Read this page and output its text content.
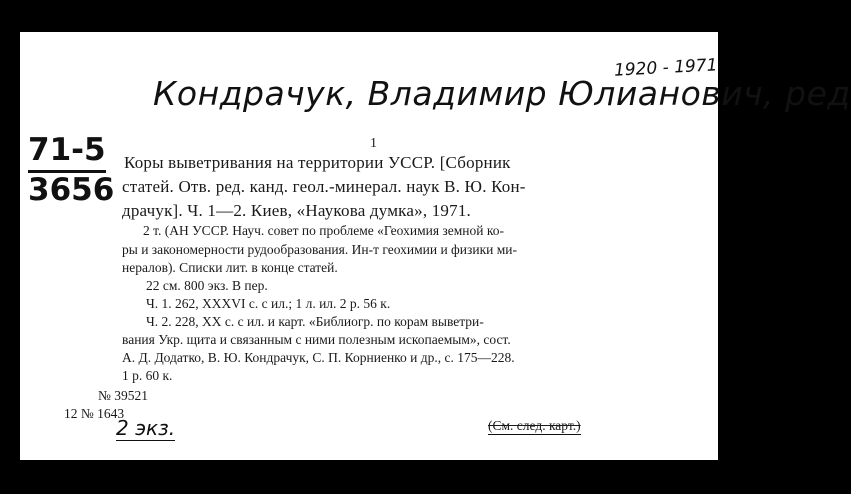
1920 - 1971
Кондрачук, Владимир Юлианович, ред
71-5
3656
1
Коры выветривания на территории УССР. [Сборник
статей. Отв. ред. канд. геол.-минерал. наук В. Ю. Кон-
драчук]. Ч. 1—2. Киев, «Наукова думка», 1971.
2 т. (АН УССР. Науч. совет по проблеме «Геохимия земной ко-
ры и закономерности рудообразования. Ин-т геохимии и физики ми-
нералов). Списки лит. в конце статей.
22 см. 800 экз. В пер.
Ч. 1. 262, XXXVI с. с ил.; 1 л. ил. 2 р. 56 к.
Ч. 2. 228, XX с. с ил. и карт. «Библиогр. по корам выветри-
вания Укр. щита и связанным с ними полезным ископаемым», сост.
А. Д. Додатко, В. Ю. Кондрачук, С. П. Корниенко и др., с. 175—228.
1 р. 60 к.
№ 39521
12 № 1643
2 экз.	(См. след. карт.)
